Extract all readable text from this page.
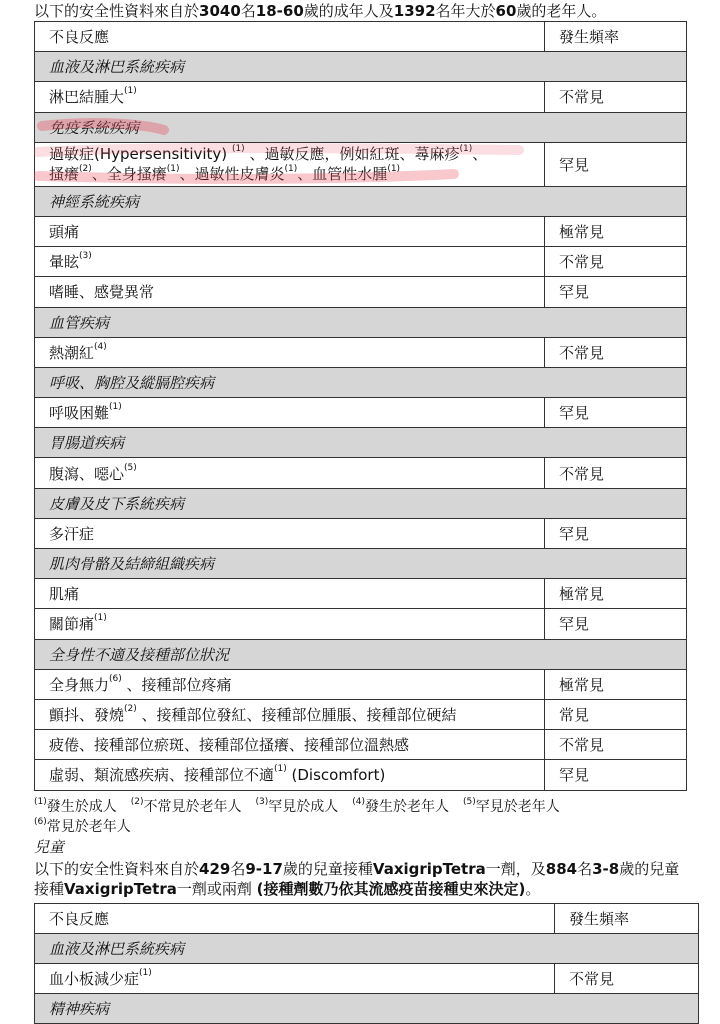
以下的安全性資料來自於3040名18-60歲的成年人及1392名年大於60歲的老年人。
不良反應	發生頻率
血液及淋巴系統疾病	
淋巴結腫大$^{(1)}$	不常見
免疫系統疾病	

過敏症(Hypersensitivity) $^{(1)}$ 、過敏反應，例如紅斑、蕁麻疹$^{(1)}$、
搔癢$^{(2)}$、全身搔癢$^{(1)}$、過敏性皮膚炎$^{(1)}$、血管性水腫$^{(1)}$	罕見
神經系統疾病	
頭痛	極常見
暈眩$^{(3)}$	不常見
嗜睡、感覺異常	罕見
血管疾病	
熱潮紅$^{(4)}$	不常見
呼吸、胸腔及縱膈腔疾病	
呼吸困難$^{(1)}$	罕見
胃腸道疾病	
腹瀉、噁心$^{(5)}$	不常見
皮膚及皮下系統疾病	
多汗症	罕見
肌肉骨骼及結締組織疾病	
肌痛	極常見
關節痛$^{(1)}$	罕見
全身性不適及接種部位狀況	
全身無力$^{(6)}$ 、接種部位疼痛	極常見
顫抖、發燒$^{(2)}$ 、接種部位發紅、接種部位腫脹、接種部位硬結	常見
疲倦、接種部位瘀斑、接種部位搔癢、接種部位溫熱感	不常見
虛弱、類流感疾病、接種部位不適$^{(1)}$ (Discomfort)	罕見
$^{(1)}$發生於成人 $^{(2)}$不常見於老年人 $^{(3)}$罕見於成人 $^{(4)}$發生於老年人 $^{(5)}$罕見於老年人
$^{(6)}$常見於老年人
兒童
以下的安全性資料來自於429名9-17歲的兒童接種VaxigripTetra一劑，及884名3-8歲的兒童
接種VaxigripTetra一劑或兩劑 (接種劑數乃依其流感疫苗接種史來決定)。
不良反應	發生頻率
血液及淋巴系統疾病	
血小板減少症$^{(1)}$	不常見
精神疾病	
